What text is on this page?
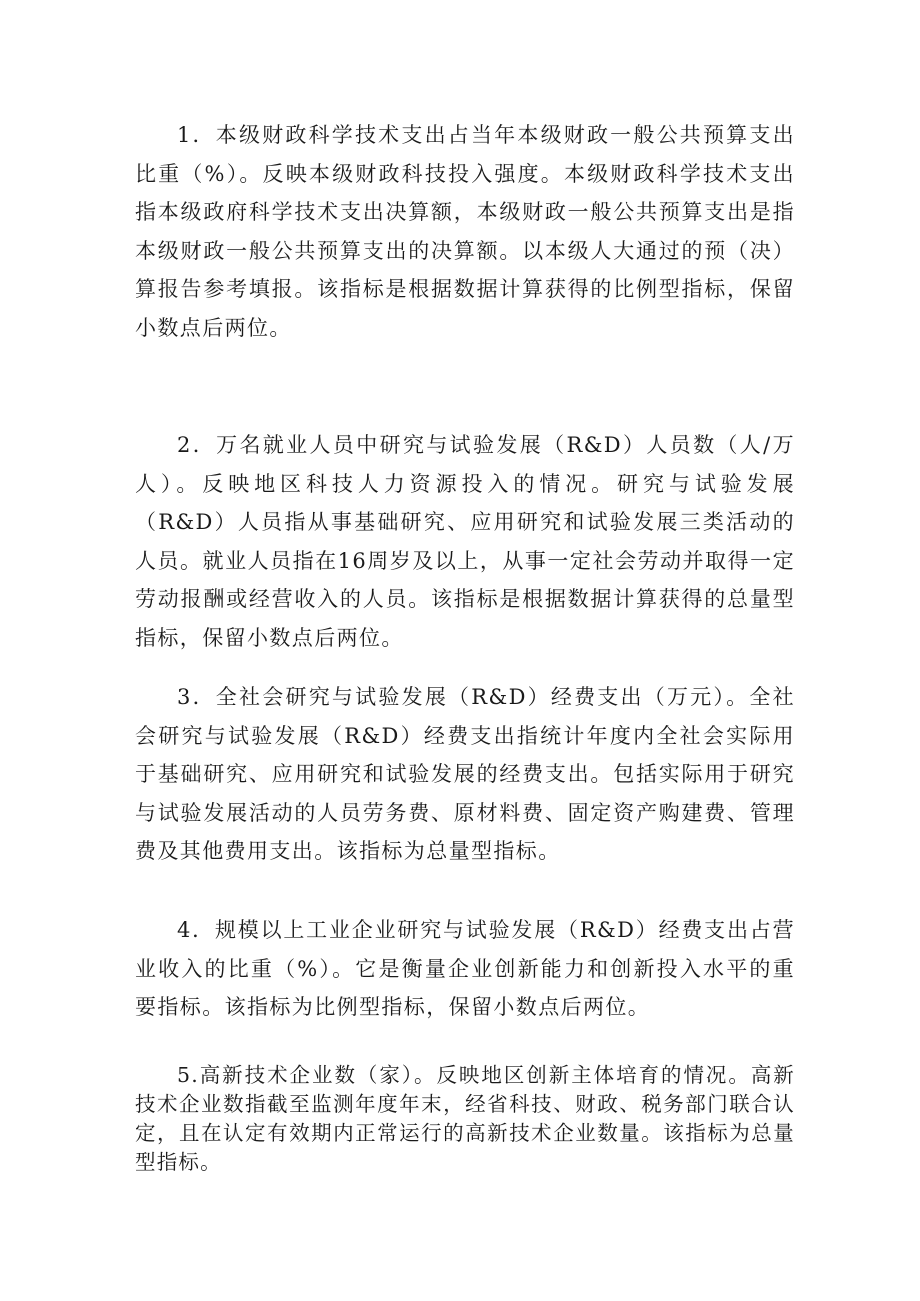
1．本级财政科学技术支出占当年本级财政一般公共预算支出比重（%）。反映本级财政科技投入强度。本级财政科学技术支出指本级政府科学技术支出决算额，本级财政一般公共预算支出是指本级财政一般公共预算支出的决算额。以本级人大通过的预（决）算报告参考填报。该指标是根据数据计算获得的比例型指标，保留小数点后两位。

2．万名就业人员中研究与试验发展（R&D）人员数（人/万人）。反映地区科技人力资源投入的情况。研究与试验发展（R&D）人员指从事基础研究、应用研究和试验发展三类活动的人员。就业人员指在16周岁及以上，从事一定社会劳动并取得一定劳动报酬或经营收入的人员。该指标是根据数据计算获得的总量型指标，保留小数点后两位。

3．全社会研究与试验发展（R&D）经费支出（万元）。全社会研究与试验发展（R&D）经费支出指统计年度内全社会实际用于基础研究、应用研究和试验发展的经费支出。包括实际用于研究与试验发展活动的人员劳务费、原材料费、固定资产购建费、管理费及其他费用支出。该指标为总量型指标。

4．规模以上工业企业研究与试验发展（R&D）经费支出占营业收入的比重（%）。它是衡量企业创新能力和创新投入水平的重要指标。该指标为比例型指标，保留小数点后两位。

5.高新技术企业数（家）。反映地区创新主体培育的情况。高新技术企业数指截至监测年度年末，经省科技、财政、税务部门联合认定，且在认定有效期内正常运行的高新技术企业数量。该指标为总量型指标。
